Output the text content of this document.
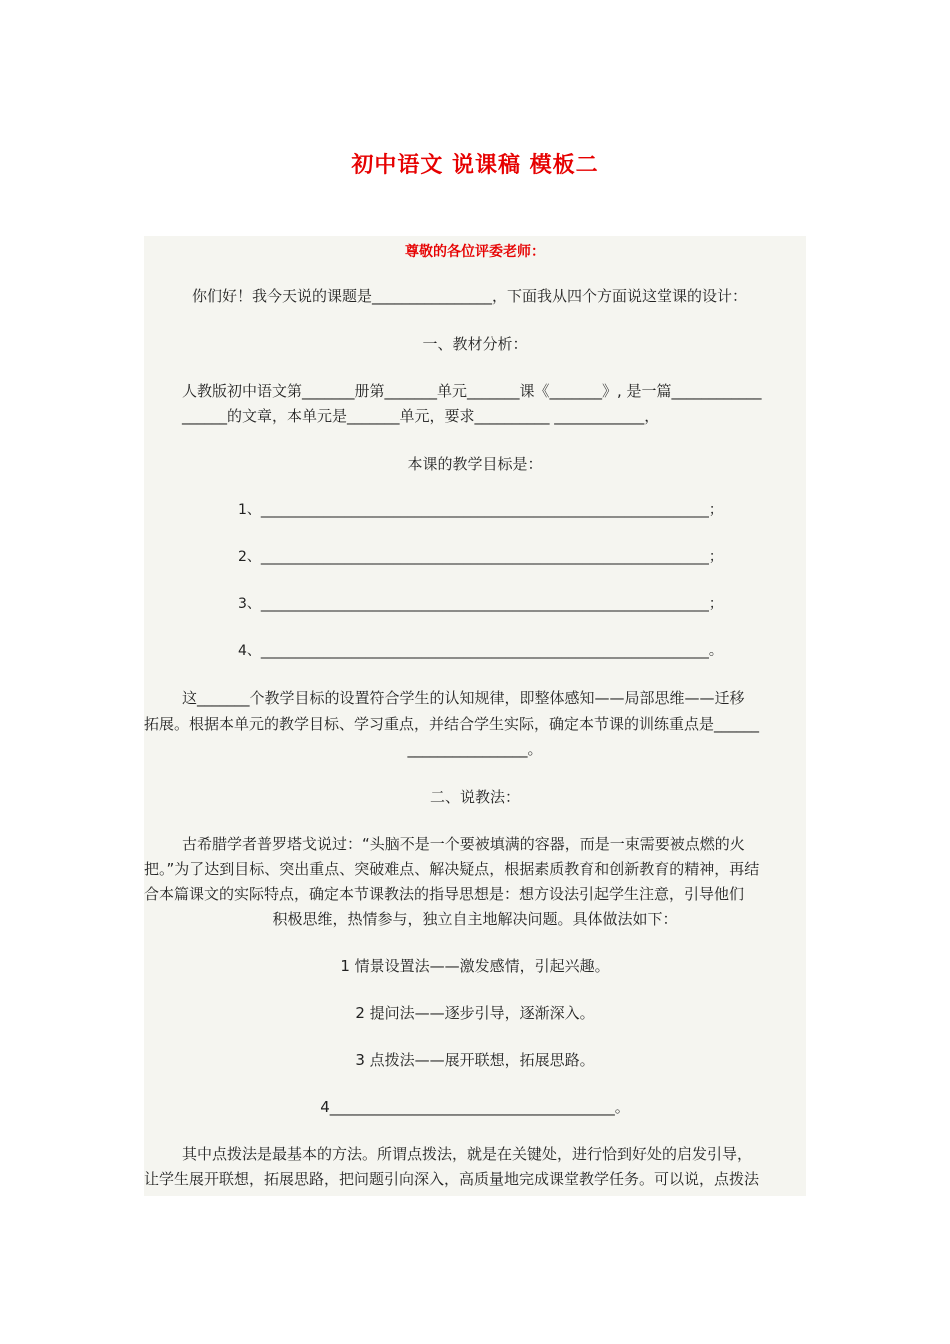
初中语文 说课稿 模板二
尊敬的各位评委老师：
你们好！我今天说的课题是________________，下面我从四个方面说这堂课的设计：
一、教材分析：
人教版初中语文第_______册第_______单元_______课《_______》, 是一篇____________
______的文章，本单元是_______单元，要求__________ ____________，
本课的教学目标是：
1、________________________________________________________________；
2、________________________________________________________________；
3、________________________________________________________________；
4、________________________________________________________________。
这_______个教学目标的设置符合学生的认知规律，即整体感知——局部思维——迁移
拓展。根据本单元的教学目标、学习重点，并结合学生实际，确定本节课的训练重点是______
________________。
二、说教法：
古希腊学者普罗塔戈说过：“头脑不是一个要被填满的容器，而是一束需要被点燃的火
把。”为了达到目标、突出重点、突破难点、解决疑点，根据素质教育和创新教育的精神，再结
合本篇课文的实际特点，确定本节课教法的指导思想是：想方设法引起学生注意，引导他们
积极思维，热情参与，独立自主地解决问题。具体做法如下：
1 情景设置法——激发感情，引起兴趣。
2 提问法——逐步引导，逐渐深入。
3 点拨法——展开联想，拓展思路。
4______________________________________。
其中点拨法是最基本的方法。所谓点拨法，就是在关键处，进行恰到好处的启发引导，
让学生展开联想，拓展思路，把问题引向深入，高质量地完成课堂教学任务。可以说，点拨法
